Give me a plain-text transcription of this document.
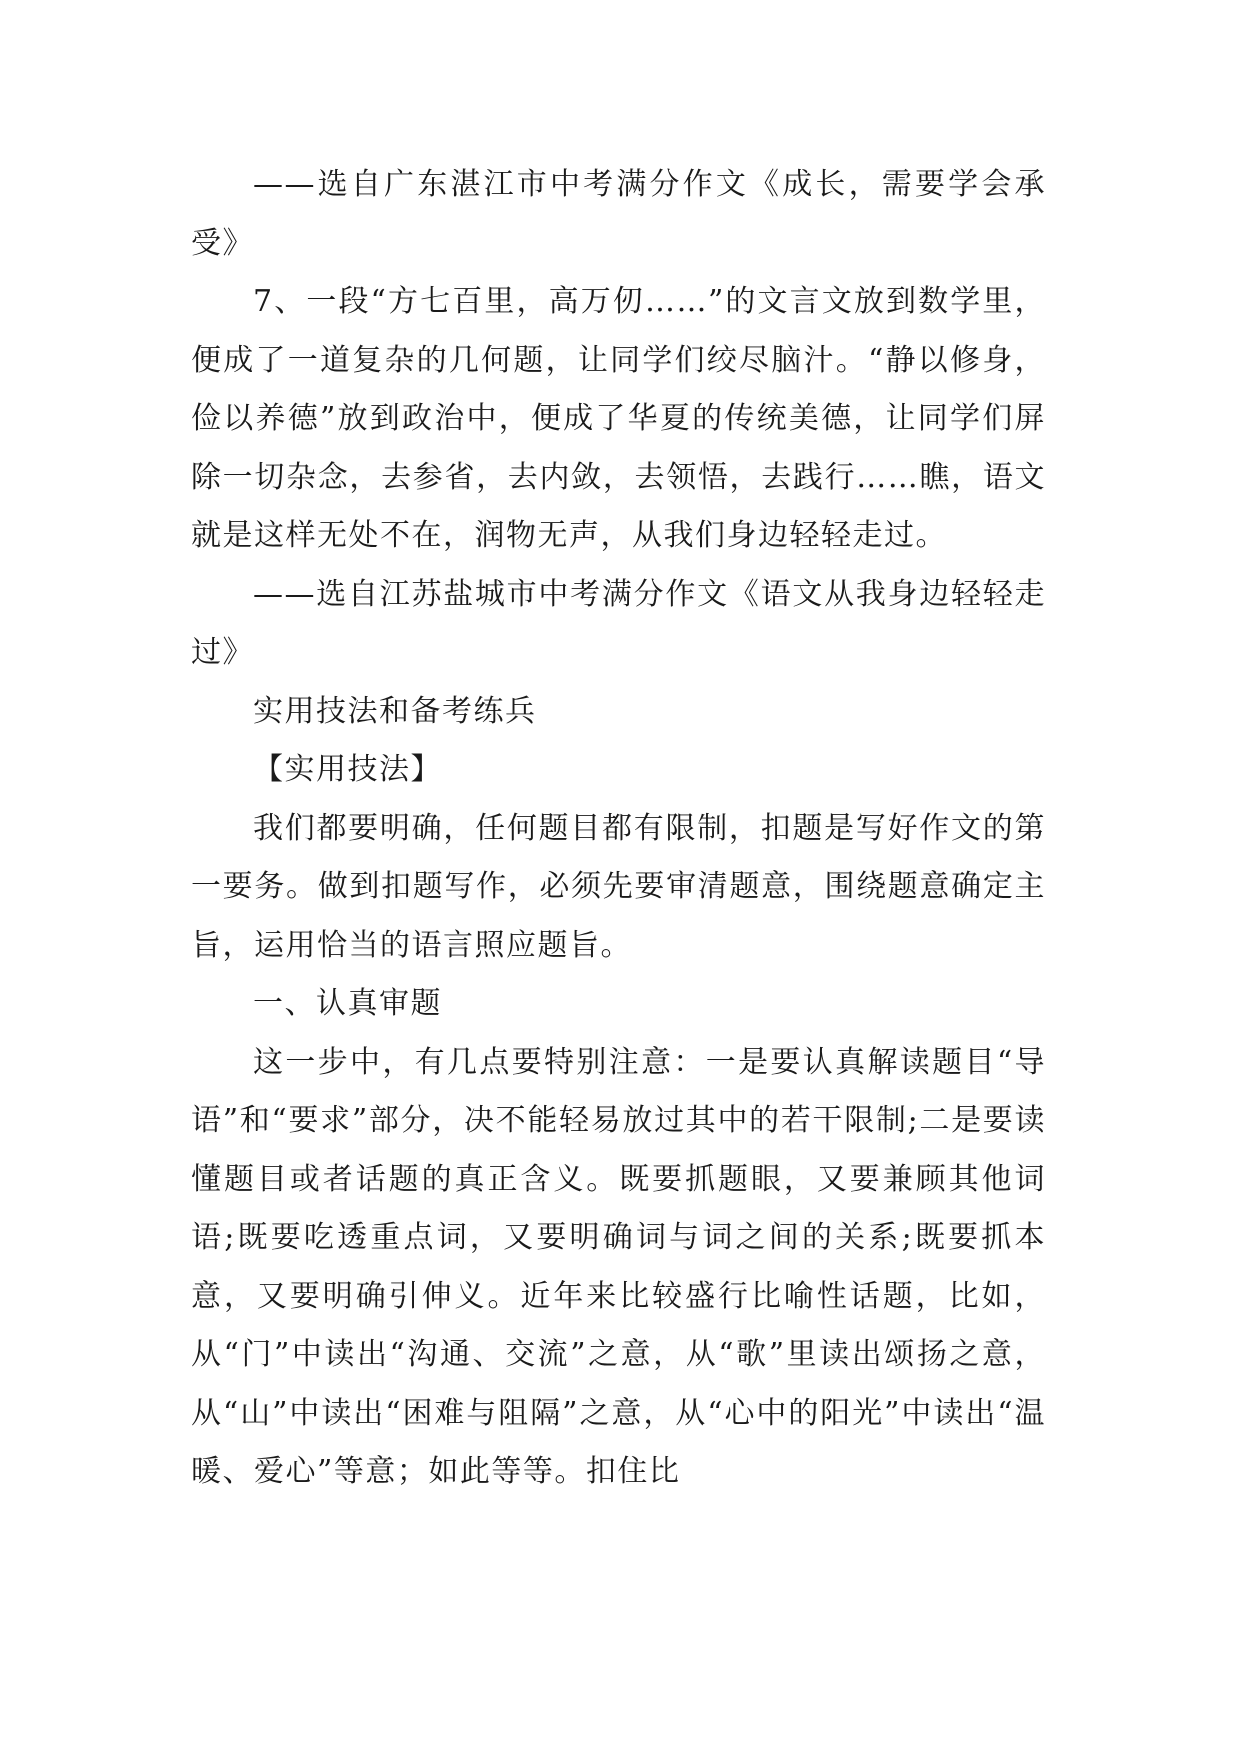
——选自广东湛江市中考满分作文《成长，需要学会承受》

7、一段“方七百里，高万仞……”的文言文放到数学里，便成了一道复杂的几何题，让同学们绞尽脑汁。“静以修身，俭以养德”放到政治中，便成了华夏的传统美德，让同学们屏除一切杂念，去参省，去内敛，去领悟，去践行……瞧，语文就是这样无处不在，润物无声，从我们身边轻轻走过。

——选自江苏盐城市中考满分作文《语文从我身边轻轻走过》

实用技法和备考练兵

【实用技法】

我们都要明确，任何题目都有限制，扣题是写好作文的第一要务。做到扣题写作，必须先要审清题意，围绕题意确定主旨，运用恰当的语言照应题旨。

一、认真审题

这一步中，有几点要特别注意：一是要认真解读题目“导语”和“要求”部分，决不能轻易放过其中的若干限制;二是要读懂题目或者话题的真正含义。既要抓题眼，又要兼顾其他词语;既要吃透重点词，又要明确词与词之间的关系;既要抓本意，又要明确引伸义。近年来比较盛行比喻性话题，比如，从“门”中读出“沟通、交流”之意，从“歌”里读出颂扬之意，从“山”中读出“困难与阻隔”之意，从“心中的阳光”中读出“温暖、爱心”等意；如此等等。扣住比
